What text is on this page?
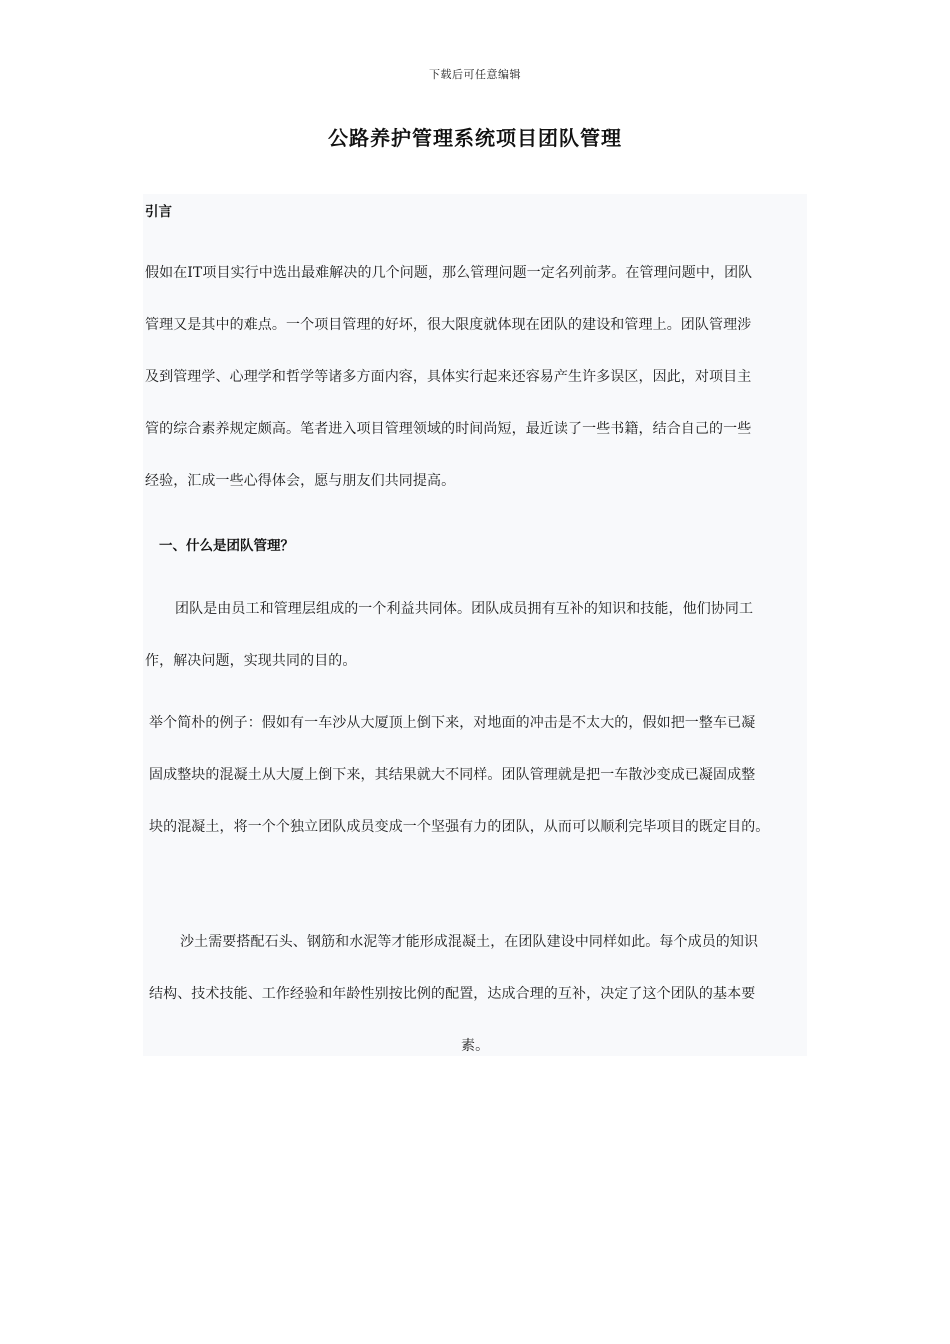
下载后可任意编辑
公路养护管理系统项目团队管理
引言
假如在IT项目实行中选出最难解决的几个问题，那么管理问题一定名列前茅。在管理问题中，团队
管理又是其中的难点。一个项目管理的好坏，很大限度就体现在团队的建设和管理上。团队管理涉
及到管理学、心理学和哲学等诸多方面内容，具体实行起来还容易产生许多误区，因此，对项目主
管的综合素养规定颇高。笔者进入项目管理领域的时间尚短，最近读了一些书籍，结合自己的一些
经验，汇成一些心得体会，愿与朋友们共同提高。
一、什么是团队管理？
团队是由员工和管理层组成的一个利益共同体。团队成员拥有互补的知识和技能，他们协同工
作，解决问题，实现共同的目的。
举个简朴的例子：假如有一车沙从大厦顶上倒下来，对地面的冲击是不太大的，假如把一整车已凝
固成整块的混凝土从大厦上倒下来，其结果就大不同样。团队管理就是把一车散沙变成已凝固成整
块的混凝土，将一个个独立团队成员变成一个坚强有力的团队，从而可以顺利完毕项目的既定目的。
沙土需要搭配石头、钢筋和水泥等才能形成混凝土，在团队建设中同样如此。每个成员的知识
结构、技术技能、工作经验和年龄性别按比例的配置，达成合理的互补，决定了这个团队的基本要
素。
